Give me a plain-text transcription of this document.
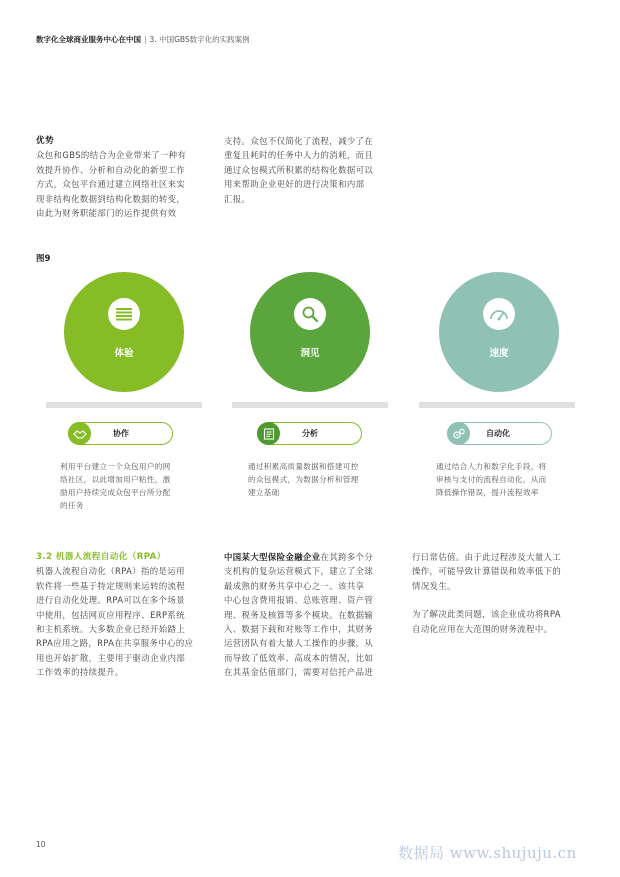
数字化全球商业服务中心在中国 | 3. 中国GBS数字化的实践案例

优势

众包和GBS的结合为企业带来了一种有

效提升协作、分析和自动化的新型工作

方式。众包平台通过建立网络社区来实

现非结构化数据到结构化数据的转变，

由此为财务职能部门的运作提供有效

支持。众包不仅简化了流程，减少了在

重复且耗时的任务中人力的消耗，而且

通过众包模式所积累的结构化数据可以

用来帮助企业更好的进行决策和内部

汇报。

图9
体验	洞见	速度
协作	分析	自动化

利用平台建立一个众包用户的网

络社区，以此增加用户粘性，激

励用户持续完成众包平台所分配

的任务

通过积累高质量数据和搭建可控

的众包模式，为数据分析和管理

建立基础

通过结合人力和数字化手段，将

审核与支付的流程自动化，从而

降低操作错误，提升流程效率

3.2 机器人流程自动化（RPA）

机器人流程自动化（RPA）指的是运用

软件将一些基于特定规则来运转的流程

进行自动化处理。RPA可以在多个场景

中使用，包括网页应用程序、ERP系统

和主机系统。大多数企业已经开始踏上

RPA应用之路，RPA在共享服务中心的应

用也开始扩散，主要用于驱动企业内部

工作效率的持续提升。

中国某大型保险金融企业在其跨多个分

支机构的复杂运营模式下，建立了全球

最成熟的财务共享中心之一。该共享

中心包含费用报销、总账管理、资产管

理、税务及核算等多个模块。在数据输

入、数据下载和对账等工作中，其财务

运营团队有着大量人工操作的步骤，从

而导致了低效率、高成本的情况，比如

在其基金估值部门，需要对信托产品进

行日常估值。由于此过程涉及大量人工

操作，可能导致计算错误和效率低下的

情况发生。

为了解决此类问题，该企业成功将RPA

自动化应用在大范围的财务流程中。

10	数据局 www.shujuju.cn
